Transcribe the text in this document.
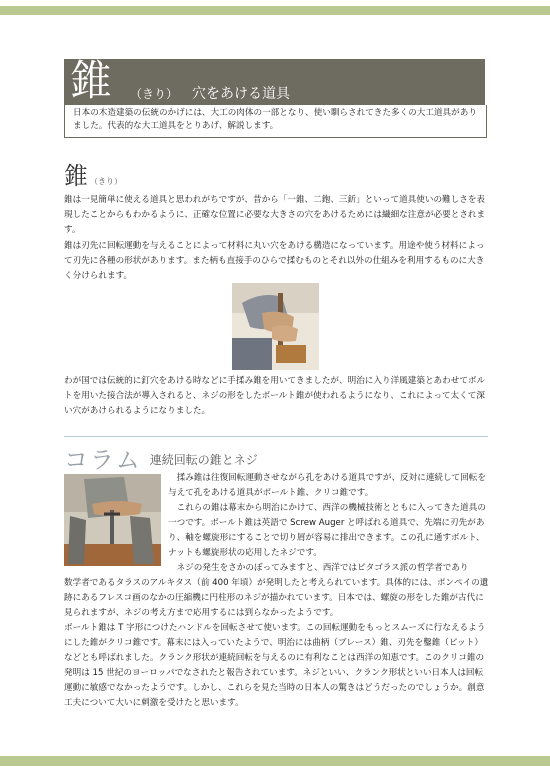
錐 （きり） 穴をあける道具
日本の木造建築の伝統のかげには、大工の肉体の一部となり、使い馴らされてきた多くの大工道具がありました。代表的な大工道具をとりあげ、解説します。
錐 （きり）

錐は一見簡単に使える道具と思われがちですが、昔から「一錐、二鉋、三釿」といって道具使いの難しさを表現したことからもわかるように、正確な位置に必要な大きさの穴をあけるためには繊細な注意が必要とされます。

錐は刃先に回転運動を与えることによって材料に丸い穴をあける構造になっています。用途や使う材料によって刃先に各種の形状があります。また柄も直接手のひらで揉むものとそれ以外の仕組みを利用するものに大きく分けられます。

わが国では伝統的に釘穴をあける時などに手揉み錐を用いてきましたが、明治に入り洋風建築とあわせてボルトを用いた接合法が導入されると、ネジの形をしたボールト錐が使われるようになり、これによって太くて深い穴があけられるようになりました。

コラム $^{連続回転の錐とネジ}$

揉み錐は往復回転運動させながら孔をあける道具ですが、反対に連続して回転を与えて孔をあける道具がボールト錐、クリコ錐です。

これらの錐は幕末から明治にかけて、西洋の機械技術とともに入ってきた道具の一つです。ボールト錐は英語で Screw Auger と呼ばれる道具で、先端に刃先があり、軸を螺旋形にすることで切り屑が容易に排出できます。この孔に通すボルト、ナットも螺旋形状の応用したネジです。

ネジの発生をさかのぼってみますと、西洋ではピタゴラス派の哲学者であり

数学者であるタラスのアルキタス（前 400 年頃）が発明したと考えられています。具体的には、ポンペイの遺跡にあるフレスコ画のなかの圧縮機に円柱形のネジが描かれています。日本では、螺旋の形をした錐が古代に見られますが、ネジの考え方まで応用するには到らなかったようです。

ボールト錐は T 字形につけたハンドルを回転させて使います。この回転運動をもっとスムーズに行なえるようにした錐がクリコ錐です。幕末には入っていたようで、明治には曲柄（ブレース）錐、刃先を鑿錐（ピット）などとも呼ばれました。クランク形状が連続回転を与えるのに有利なことは西洋の知恵です。このクリコ錐の発明は 15 世紀のヨーロッパでなされたと報告されています。ネジといい、クランク形状といい日本人は回転運動に敏感でなかったようです。しかし、これらを見た当時の日本人の驚きはどうだったのでしょうか。創意工夫について大いに刺激を受けたと思います。
